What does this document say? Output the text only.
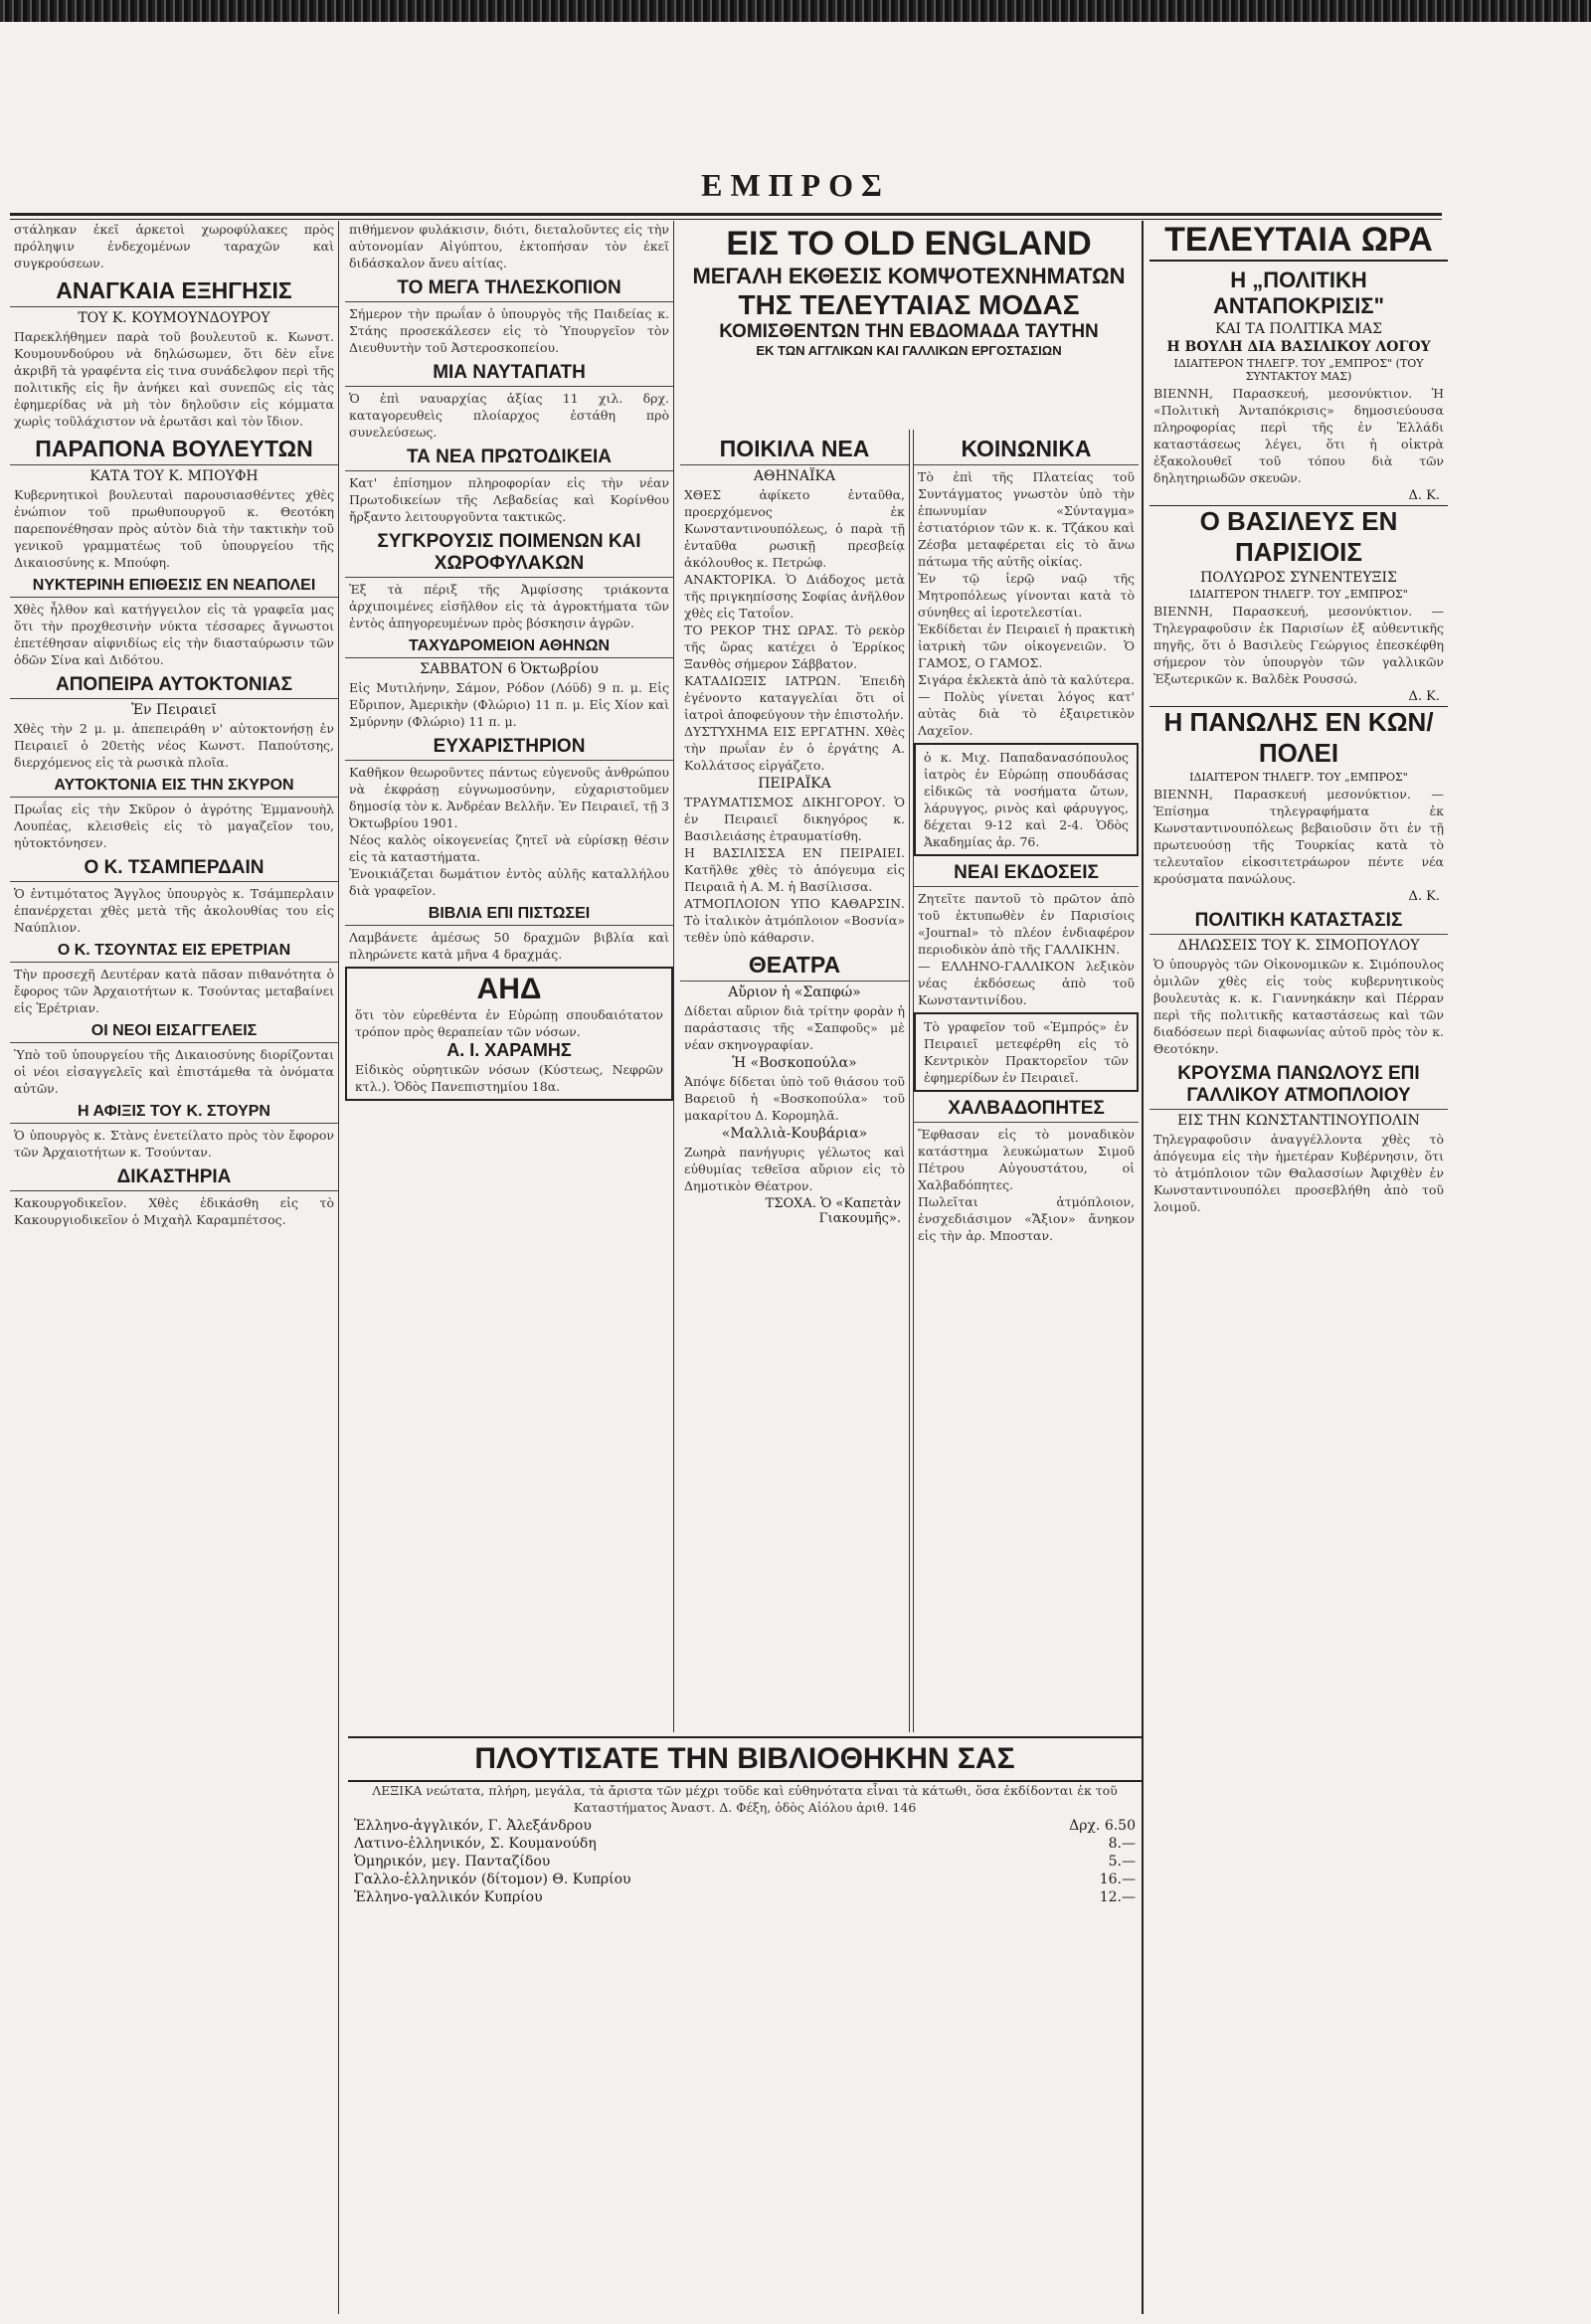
ΕΜΠΡΟΣ

στάληκαν ἐκεῖ ἀρκετοὶ χωροφύλακες πρὸς πρόληψιν ἐνδεχομένων ταραχῶν καὶ συγκρούσεων.

ΑΝΑΓΚΑΙΑ ΕΞΗΓΗΣΙΣ
ΤΟΥ Κ. ΚΟΥΜΟΥΝΔΟΥΡΟΥ

Παρεκλήθημεν παρὰ τοῦ βουλευτοῦ κ. Κωνστ. Κουμουνδούρου νὰ δηλώσωμεν, ὅτι δὲν εἶνε ἀκριβῆ τὰ γραφέντα εἰς τινα συνάδελφον περὶ τῆς πολιτικῆς εἰς ἣν ἀνήκει καὶ συνεπῶς εἰς τὰς ἐφημερίδας νὰ μὴ τὸν δηλοῦσιν εἰς κόμματα χωρὶς τοῦλάχιστον νὰ ἐρωτᾶσι καὶ τὸν ἴδιον.

ΠΑΡΑΠΟΝΑ ΒΟΥΛΕΥΤΩΝ
ΚΑΤΑ ΤΟΥ Κ. ΜΠΟΥΦΗ

Κυβερνητικοὶ βουλευταὶ παρουσιασθέντες χθὲς ἐνώπιον τοῦ πρωθυπουργοῦ κ. Θεοτόκη παρεπονέθησαν πρὸς αὐτὸν διὰ τὴν τακτικὴν τοῦ γενικοῦ γραμματέως τοῦ ὑπουργείου τῆς Δικαιοσύνης κ. Μπούφη.

ΝΥΚΤΕΡΙΝΗ ΕΠΙΘΕΣΙΣ ΕΝ ΝΕΑΠΟΛΕΙ

Χθὲς ἦλθον καὶ κατήγγειλον εἰς τὰ γραφεῖα μας ὅτι τὴν προχθεσινὴν νύκτα τέσσαρες ἄγνωστοι ἐπετέθησαν αἰφνιδίως εἰς τὴν διασταύρωσιν τῶν ὁδῶν Σίνα καὶ Διδότου.

ΑΠΟΠΕΙΡΑ ΑΥΤΟΚΤΟΝΙΑΣ
Ἐν Πειραιεῖ

Χθὲς τὴν 2 μ. μ. ἀπεπειράθη ν' αὐτοκτονήσῃ ἐν Πειραιεῖ ὁ 20ετὴς νέος Κωνστ. Παπούτσης, διερχόμενος εἰς τὰ ρωσικὰ πλοῖα.

ΑΥΤΟΚΤΟΝΙΑ ΕΙΣ ΤΗΝ ΣΚΥΡΟΝ

Πρωΐας εἰς τὴν Σκῦρον ὁ ἀγρότης Ἐμμανουὴλ Λουπέας, κλεισθεὶς εἰς τὸ μαγαζεῖον του, ηὐτοκτόνησεν.

Ο Κ. ΤΣΑΜΠΕΡΔΑΙΝ

Ὁ ἐντιμότατος Ἄγγλος ὑπουργὸς κ. Τσάμπερλαιν ἐπανέρχεται χθὲς μετὰ τῆς ἀκολουθίας του εἰς Ναύπλιον.

Ο Κ. ΤΣΟΥΝΤΑΣ ΕΙΣ ΕΡΕΤΡΙΑΝ

Τὴν προσεχῆ Δευτέραν κατὰ πᾶσαν πιθανότητα ὁ ἔφορος τῶν Ἀρχαιοτήτων κ. Τσούντας μεταβαίνει εἰς Ἐρέτριαν.

ΟΙ ΝΕΟΙ ΕΙΣΑΓΓΕΛΕΙΣ

Ὑπὸ τοῦ ὑπουργείου τῆς Δικαιοσύνης διορίζονται οἱ νέοι εἰσαγγελεῖς καὶ ἐπιστάμεθα τὰ ὀνόματα αὐτῶν.

Η ΑΦΙΞΙΣ ΤΟΥ Κ. ΣΤΟΥΡΝ

Ὁ ὑπουργὸς κ. Στὰνς ἐνετείλατο πρὸς τὸν ἔφορον τῶν Ἀρχαιοτήτων κ. Τσούνταν.

ΔΙΚΑΣΤΗΡΙΑ

Κακουργοδικεῖον. Χθὲς ἐδικάσθη εἰς τὸ Κακουργιοδικεῖον ὁ Μιχαὴλ Καραμπέτσος.

πιθήμενον φυλάκισιν, διότι, διεταλοῦντες εἰς τὴν αὐτονομίαν Αἰγύπτου, ἐκτοπήσαν τὸν ἐκεῖ διδάσκαλον ἄνευ αἰτίας.

ΤΟ ΜΕΓΑ ΤΗΛΕΣΚΟΠΙΟΝ

Σήμερον τὴν πρωΐαν ὁ ὑπουργὸς τῆς Παιδείας κ. Στάης προσεκάλεσεν εἰς τὸ Ὑπουργεῖον τὸν Διευθυντὴν τοῦ Ἀστεροσκοπείου.

ΜΙΑ ΝΑΥΤΑΠΑΤΗ

Ὁ ἐπὶ ναυαρχίας ἀξίας 11 χιλ. δρχ. καταγορευθεὶς πλοίαρχος ἐστάθη πρὸ συνελεύσεως.

ΤΑ ΝΕΑ ΠΡΩΤΟΔΙΚΕΙΑ

Κατ' ἐπίσημον πληροφορίαν εἰς τὴν νέαν Πρωτοδικείων τῆς Λεβαδείας καὶ Κορίνθου ἤρξαντο λειτουργοῦντα τακτικῶς.

ΣΥΓΚΡΟΥΣΙΣ ΠΟΙΜΕΝΩΝ ΚΑΙ ΧΩΡΟΦΥΛΑΚΩΝ

Ἐξ τὰ πέριξ τῆς Ἀμφίσσης τριάκοντα ἀρχιποιμένες εἰσῆλθον εἰς τὰ ἀγροκτήματα τῶν ἐντὸς ἀπηγορευμένων πρὸς βόσκησιν ἀγρῶν.

ΤΑΧΥΔΡΟΜΕΙΟΝ ΑΘΗΝΩΝ
ΣΑΒΒΑΤΟΝ 6 Ὀκτωβρίου

Εἰς Μυτιλήνην, Σάμον, Ρόδον (Λόϋδ) 9 π. μ. Εἰς Εὔριπον, Ἀμερικὴν (Φλώριο) 11 π. μ. Εἰς Χίον καὶ Σμύρνην (Φλώριο) 11 π. μ.

ΕΥΧΑΡΙΣΤΗΡΙΟΝ

Καθῆκον θεωροῦντες πάντως εὐγενοῦς ἀνθρώπου νὰ ἐκφράσῃ εὐγνωμοσύνην, εὐχαριστοῦμεν δημοσίᾳ τὸν κ. Ἀνδρέαν Βελλῆν. Ἐν Πειραιεῖ, τῇ 3 Ὀκτωβρίου 1901.

Νέος καλὸς οἰκογενείας ζητεῖ νὰ εὑρίσκῃ θέσιν εἰς τὰ καταστήματα.

Ἐνοικιάζεται δωμάτιον ἐντὸς αὐλῆς καταλλήλου διὰ γραφεῖον.

ΒΙΒΛΙΑ ΕΠΙ ΠΙΣΤΩΣΕΙ

Λαμβάνετε ἀμέσως 50 δραχμῶν βιβλία καὶ πληρώνετε κατὰ μῆνα 4 δραχμάς.

ΑΗΔ

ὅτι τὸν εὑρεθέντα ἐν Εὐρώπῃ σπουδαιότατον τρόπον πρὸς θεραπείαν τῶν νόσων.

Α. Ι. ΧΑΡΑΜΗΣ

Εἰδικὸς οὐρητικῶν νόσων (Κύστεως, Νεφρῶν κτλ.). Ὁδὸς Πανεπιστημίου 18α.

ΕΙΣ ΤΟ OLD ENGLAND
ΜΕΓΑΛΗ ΕΚΘΕΣΙΣ ΚΟΜΨΟΤΕΧΝΗΜΑΤΩΝ
ΤΗΣ ΤΕΛΕΥΤΑΙΑΣ ΜΟΔΑΣ
ΚΟΜΙΣΘΕΝΤΩΝ ΤΗΝ ΕΒΔΟΜΑΔΑ ΤΑΥΤΗΝ
ΕΚ ΤΩΝ ΑΓΓΛΙΚΩΝ ΚΑΙ ΓΑΛΛΙΚΩΝ ΕΡΓΟΣΤΑΣΙΩΝ
ΠΟΙΚΙΛΑ ΝΕΑ
ΑΘΗΝΑΪΚΑ

ΧΘΕΣ ἀφίκετο ἐνταῦθα, προερχόμενος ἐκ Κωνσταντινουπόλεως, ὁ παρὰ τῇ ἐνταῦθα ρωσικῇ πρεσβείᾳ ἀκόλουθος κ. Πετρώφ.

ΑΝΑΚΤΟΡΙΚΑ. Ὁ Διάδοχος μετὰ τῆς πριγκηπίσσης Σοφίας ἀνῆλθον χθὲς εἰς Τατοΐον.

ΤΟ ΡΕΚΟΡ ΤΗΣ ΩΡΑΣ. Τὸ ρεκὸρ τῆς ὥρας κατέχει ὁ Ἐρρίκος Ξανθὸς σήμερον Σάββατον.

ΚΑΤΑΔΙΩΞΙΣ ΙΑΤΡΩΝ. Ἐπειδὴ ἐγένοντο καταγγελίαι ὅτι οἱ ἰατροὶ ἀποφεύγουν τὴν ἐπιστολήν.

ΔΥΣΤΥΧΗΜΑ ΕΙΣ ΕΡΓΑΤΗΝ. Χθὲς τὴν πρωΐαν ἐν ὁ ἐργάτης Α. Κολλάτσος εἰργάζετο.

ΠΕΙΡΑΪΚΑ

ΤΡΑΥΜΑΤΙΣΜΟΣ ΔΙΚΗΓΟΡΟΥ. Ὁ ἐν Πειραιεῖ δικηγόρος κ. Βασιλειάσης ἐτραυματίσθη.

Η ΒΑΣΙΛΙΣΣΑ ΕΝ ΠΕΙΡΑΙΕΙ. Κατῆλθε χθὲς τὸ ἀπόγευμα εἰς Πειραιᾶ ἡ Α. Μ. ἡ Βασίλισσα.

ΑΤΜΟΠΛΟΙΟΝ ΥΠΟ ΚΑΘΑΡΣΙΝ. Τὸ ἰταλικὸν ἀτμόπλοιον «Βοσνία» τεθὲν ὑπὸ κάθαρσιν.

ΘΕΑΤΡΑ
Αὔριον ἡ «Σαπφώ»

Δίδεται αὔριον διὰ τρίτην φορὰν ἡ παράστασις τῆς «Σαπφοῦς» μὲ νέαν σκηνογραφίαν.

Ἡ «Βοσκοπούλα»

Ἀπόψε δίδεται ὑπὸ τοῦ θιάσου τοῦ Βαρειοῦ ἡ «Βοσκοπούλα» τοῦ μακαρίτου Δ. Κορομηλᾶ.

«Μαλλιὰ-Κουβάρια»

Ζωηρὰ πανήγυρις γέλωτος καὶ εὐθυμίας τεθεῖσα αὔριον εἰς τὸ Δημοτικὸν Θέατρον.

ΤΣΟΧΑ. Ὁ «Καπετὰν Γιακουμῆς».
ΚΟΙΝΩΝΙΚΑ

Τὸ ἐπὶ τῆς Πλατείας τοῦ Συντάγματος γνωστὸν ὑπὸ τὴν ἐπωνυμίαν «Σύνταγμα» ἑστιατόριον τῶν κ. κ. Τζάκου καὶ Ζέσβα μεταφέρεται εἰς τὸ ἄνω πάτωμα τῆς αὐτῆς οἰκίας.

Ἐν τῷ ἱερῷ ναῷ τῆς Μητροπόλεως γίνονται κατὰ τὸ σύνηθες αἱ ἱεροτελεστίαι.

Ἐκδίδεται ἐν Πειραιεῖ ἡ πρακτικὴ ἰατρικὴ τῶν οἰκογενειῶν. Ὁ ΓΑΜΟΣ, Ο ΓΑΜΟΣ.

Σιγάρα ἐκλεκτὰ ἀπὸ τὰ καλύτερα. — Πολὺς γίνεται λόγος κατ' αὐτὰς διὰ τὸ ἐξαιρετικὸν Λαχεῖον.

ὁ κ. Μιχ. Παπαδανασόπουλος ἰατρὸς ἐν Εὐρώπῃ σπουδάσας εἰδικῶς τὰ νοσήματα ὤτων, λάρυγγος, ρινὸς καὶ φάρυγγος, δέχεται 9-12 καὶ 2-4. Ὁδὸς Ἀκαδημίας ἀρ. 76.

ΝΕΑΙ ΕΚΔΟΣΕΙΣ

Ζητεῖτε παντοῦ τὸ πρῶτον ἀπὸ τοῦ ἐκτυπωθὲν ἐν Παρισίοις «Journal» τὸ πλέον ἐνδιαφέρον περιοδικὸν ἀπὸ τῆς ΓΑΛΛΙΚΗΝ.

— ΕΛΛΗΝΟ-ΓΑΛΛΙΚΟΝ λεξικὸν νέας ἐκδόσεως ἀπὸ τοῦ Κωνσταντινίδου.

Τὸ γραφεῖον τοῦ «Ἐμπρός» ἐν Πειραιεῖ μετεφέρθη εἰς τὸ Κεντρικὸν Πρακτορεῖον τῶν ἐφημερίδων ἐν Πειραιεῖ.

ΧΑΛΒΑΔΟΠΗΤΕΣ

Ἔφθασαν εἰς τὸ μοναδικὸν κατάστημα λευκώματων Σιμοῦ Πέτρου Αὐγουστάτου, οἱ Χαλβαδόπητες.

Πωλεῖται ἀτμόπλοιον, ἐνσχεδιάσιμον «Ἄξιον» ἄνηκον εἰς τὴν ἀρ. Μποσταν.

ΤΕΛΕΥΤΑΙΑ ΩΡΑ
Η „ΠΟΛΙΤΙΚΗ ΑΝΤΑΠΟΚΡΙΣΙΣ"
ΚΑΙ ΤΑ ΠΟΛΙΤΙΚΑ ΜΑΣ
Η ΒΟΥΛΗ ΔΙΑ ΒΑΣΙΛΙΚΟΥ ΛΟΓΟΥ
ΙΔΙΑΙΤΕΡΟΝ ΤΗΛΕΓΡ. ΤΟΥ „ΕΜΠΡΟΣ" (ΤΟΥ ΣΥΝΤΑΚΤΟΥ ΜΑΣ)

ΒΙΕΝΝΗ, Παρασκευή, μεσονύκτιον. Ἡ «Πολιτικὴ Ἀνταπόκρισις» δημοσιεύουσα πληροφορίας περὶ τῆς ἐν Ἑλλάδι καταστάσεως λέγει, ὅτι ἡ οἰκτρὰ ἐξακολουθεῖ τοῦ τόπου διὰ τῶν δηλητηριωδῶν σκευῶν.

Δ. Κ.
Ο ΒΑΣΙΛΕΥΣ ΕΝ ΠΑΡΙΣΙΟΙΣ
ΠΟΛΥΩΡΟΣ ΣΥΝΕΝΤΕΥΞΙΣ
ΙΔΙΑΙΤΕΡΟΝ ΤΗΛΕΓΡ. ΤΟΥ „ΕΜΠΡΟΣ"

ΒΙΕΝΝΗ, Παρασκευή, μεσονύκτιον. — Τηλεγραφοῦσιν ἐκ Παρισίων ἐξ αὐθεντικῆς πηγῆς, ὅτι ὁ Βασιλεὺς Γεώργιος ἐπεσκέφθη σήμερον τὸν ὑπουργὸν τῶν γαλλικῶν Ἐξωτερικῶν κ. Βαλδὲκ Ρουσσώ.

Δ. Κ.
Η ΠΑΝΩΛΗΣ ΕΝ ΚΩΝ/ΠΟΛΕΙ
ΙΔΙΑΙΤΕΡΟΝ ΤΗΛΕΓΡ. ΤΟΥ „ΕΜΠΡΟΣ"

ΒΙΕΝΝΗ, Παρασκευή μεσονύκτιον. — Ἐπίσημα τηλεγραφήματα ἐκ Κωνσταντινουπόλεως βεβαιοῦσιν ὅτι ἐν τῇ πρωτευούσῃ τῆς Τουρκίας κατὰ τὸ τελευταῖον εἰκοσιτετράωρον πέντε νέα κρούσματα πανώλους.

Δ. Κ.
ΠΟΛΙΤΙΚΗ ΚΑΤΑΣΤΑΣΙΣ
ΔΗΛΩΣΕΙΣ ΤΟΥ Κ. ΣΙΜΟΠΟΥΛΟΥ

Ὁ ὑπουργὸς τῶν Οἰκονομικῶν κ. Σιμόπουλος ὁμιλῶν χθὲς εἰς τοὺς κυβερνητικοὺς βουλευτὰς κ. κ. Γιαννηκάκην καὶ Πέρραν περὶ τῆς πολιτικῆς καταστάσεως καὶ τῶν διαδόσεων περὶ διαφωνίας αὐτοῦ πρὸς τὸν κ. Θεοτόκην.

ΚΡΟΥΣΜΑ ΠΑΝΩΛΟΥΣ ΕΠΙ ΓΑΛΛΙΚΟΥ ΑΤΜΟΠΛΟΙΟΥ
ΕΙΣ ΤΗΝ ΚΩΝΣΤΑΝΤΙΝΟΥΠΟΛΙΝ

Τηλεγραφοῦσιν ἀναγγέλλοντα χθὲς τὸ ἀπόγευμα εἰς τὴν ἡμετέραν Κυβέρνησιν, ὅτι τὸ ἀτμόπλοιον τῶν Θαλασσίων Ἀφιχθὲν ἐν Κωνσταντινουπόλει προσεβλήθη ἀπὸ τοῦ λοιμοῦ.

ΠΛΟΥΤΙΣΑΤΕ ΤΗΝ ΒΙΒΛΙΟΘΗΚΗΝ ΣΑΣ

ΛΕΞΙΚΑ νεώτατα, πλήρη, μεγάλα, τὰ ἄριστα τῶν μέχρι τοῦδε καὶ εὐθηνότατα εἶναι τὰ κάτωθι, ὅσα ἐκδίδονται ἐκ τοῦ Καταστήματος Ἀναστ. Δ. Φέξη, ὁδὸς Αἰόλου ἀριθ. 146

Ἑλληνο-ἀγγλικόν, Γ. Ἀλεξάνδρου	Δρχ. 6.50
Λατινο-ἑλληνικόν, Σ. Κουμανούδη	8.—
Ὁμηρικόν, μεγ. Πανταζίδου	5.—
Γαλλο-ἑλληνικόν (δίτομον) Θ. Κυπρίου	16.—
Ἑλληνο-γαλλικόν Κυπρίου	12.—
